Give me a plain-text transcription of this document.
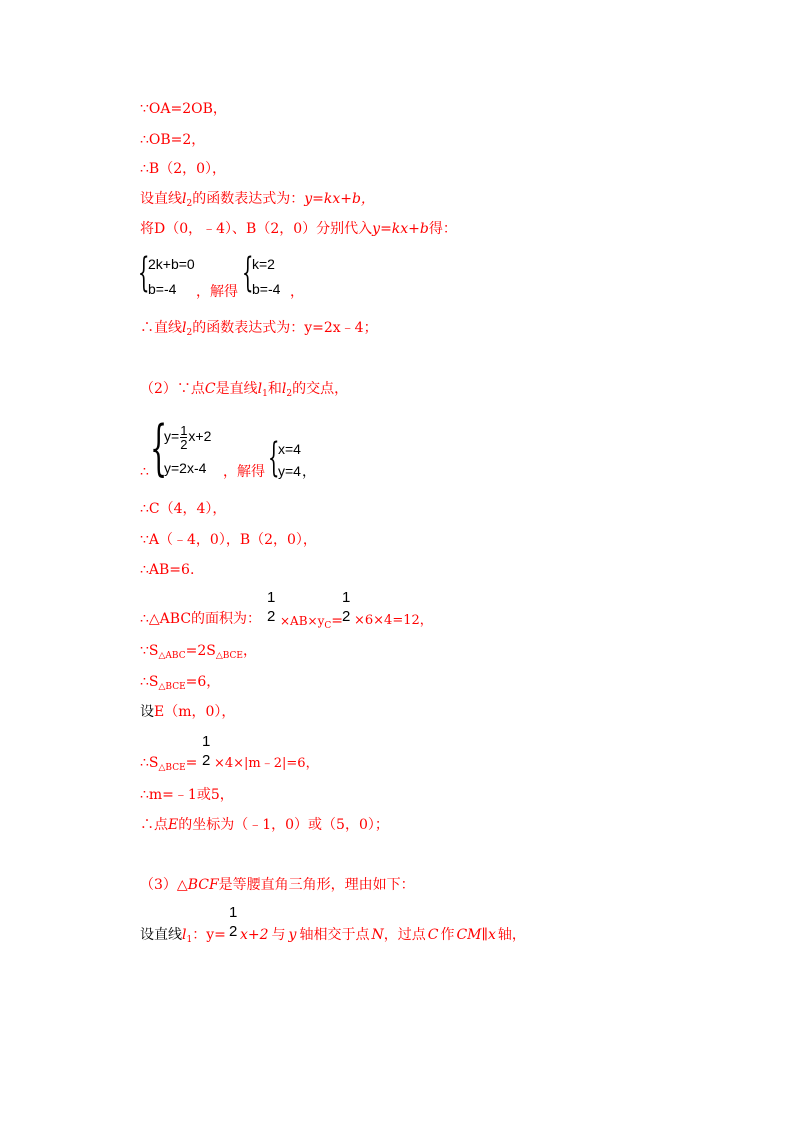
∵OA=2OB，
∴OB=2，
∴B（2，0），
设直线$l_2$的函数表达式为：y=kx+b，
将D（0，﹣4）、B（2，0）分别代入y=kx+b得：
{
2k+b=0
b=-4 ，解得 {
k=2
b=-4 ，
∴直线$l_2$的函数表达式为：y=2x﹣4；
（2）∵点C是直线$l_1$和$l_2$的交点，
∴ {
$y=\frac{1}{2}x+2$
y=2x-4 ，解得 {
x=4
y=4 ，
∴C（4，4），
∵A（﹣4，0），B（2，0），
∴AB=6.
∴△ABC的面积为：
1
$2 \times AB\times y_C=$
1
2 ×6×4=12，
$\because S_{\triangle ABC}=2S_{\triangle BCE}$，
$\therefore S_{\triangle BCE}=6$，
设E（m，0），
$\therefore S_{\triangle BCE}=$
1
2 ×4×|m﹣2|=6，
∴m=﹣1或5，
∴点E的坐标为（﹣1，0）或（5，0）；
（3）△BCF是等腰直角三角形，理由如下：
设直线$l_1$：y=
1
2 x+2 与 y 轴相交于点 N，过点 C 作 CM∥x 轴，
